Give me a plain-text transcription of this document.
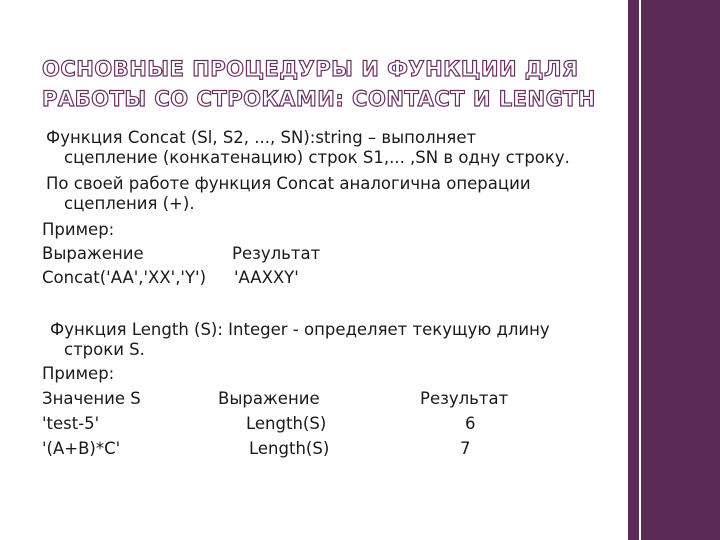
ОСНОВНЫЕ ПРОЦЕДУРЫ И ФУНКЦИИ ДЛЯ
РАБОТЫ СО СТРОКАМИ: CONTACT И LENGTH
Функция Concat (Sl, S2, ..., SN):string – выполняет
сцепление (конкатенацию) строк S1,... ,SN в одну строку.
По своей работе функция Concat аналогична операции
сцепления (+).
Пример:
Выражение	Результат
Concat('AA','XX','Y') 'AAXXY'
Функция Length (S): Integer - определяет текущую длину
строки S.
Пример:
Значение S	Выражение	Результат
'test-5'	Length(S)	6
'(A+B)*C'	Length(S)	7
